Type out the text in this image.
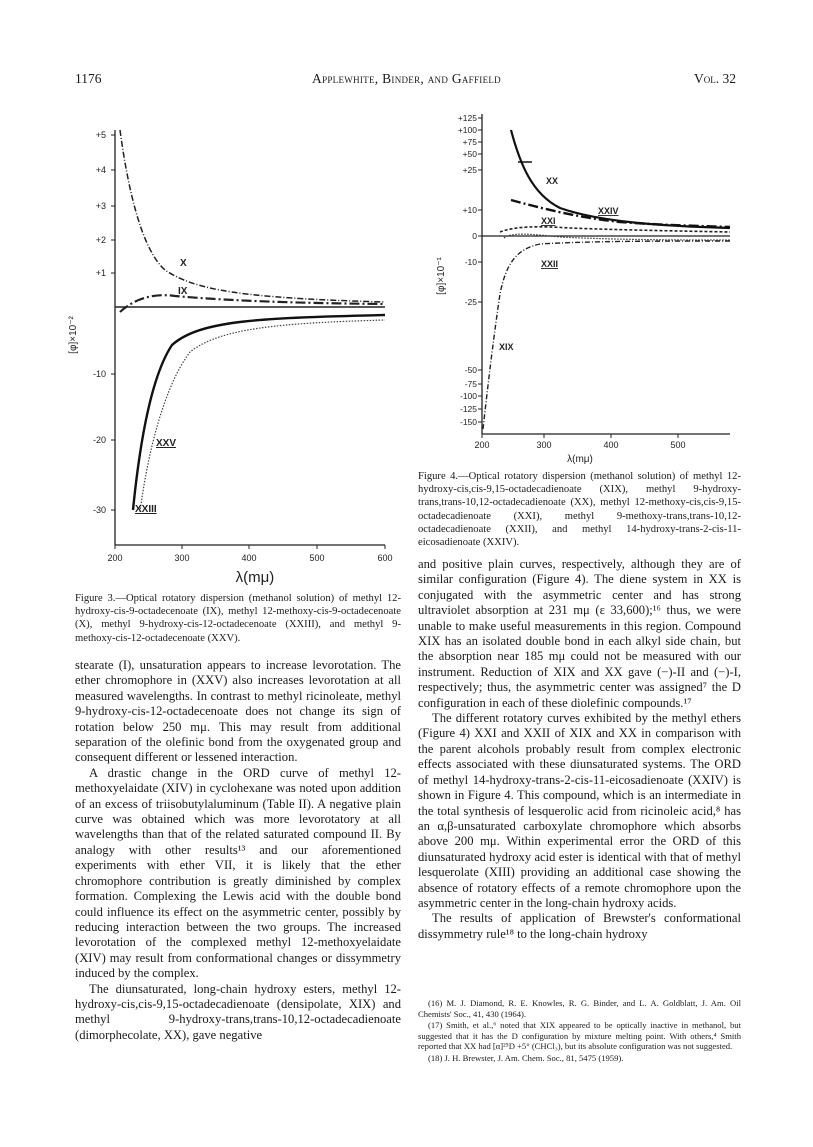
1176	Applewhite, Binder, and Gaffield	Vol. 32
+5
+4
+3
+2
+1
-10
-20
-30
200	300	400	500	600
[φ]×10⁻²
λ(mμ)
X
IX
XXV
XXIII
Figure 3.—Optical rotatory dispersion (methanol solution) of methyl 12-hydroxy-cis-9-octadecenoate (IX), methyl 12-methoxy-cis-9-octadecenoate (X), methyl 9-hydroxy-cis-12-octadecenoate (XXIII), and methyl 9-methoxy-cis-12-octadecenoate (XXV).
+125
+100
+75
+50
+25
+10
0
-10
-25
-50
-75
-100
-125
-150
200	300	400	500
[φ]×10⁻¹
λ(mμ)
XX
XXIV
XXI
XXII
XIX
Figure 4.—Optical rotatory dispersion (methanol solution) of methyl 12-hydroxy-cis,cis-9,15-octadecadienoate (XIX), methyl 9-hydroxy-trans,trans-10,12-octadecadienoate (XX), methyl 12-methoxy-cis,cis-9,15-octadecadienoate (XXI), methyl 9-methoxy-trans,trans-10,12-octadecadienoate (XXII), and methyl 14-hydroxy-trans-2-cis-11-eicosadienoate (XXIV).

stearate (I), unsaturation appears to increase levorotation. The ether chromophore in (XXV) also increases levorotation at all measured wavelengths. In contrast to methyl ricinoleate, methyl 9-hydroxy-cis-12-octadecenoate does not change its sign of rotation below 250 mμ. This may result from additional separation of the olefinic bond from the oxygenated group and consequent different or lessened interaction.

A drastic change in the ORD curve of methyl 12-methoxyelaidate (XIV) in cyclohexane was noted upon addition of an excess of triisobutylaluminum (Table II). A negative plain curve was obtained which was more levorotatory at all wavelengths than that of the related saturated compound II. By analogy with other results¹³ and our aforementioned experiments with ether VII, it is likely that the ether chromophore contribution is greatly diminished by complex formation. Complexing the Lewis acid with the double bond could influence its effect on the asymmetric center, possibly by reducing interaction between the two groups. The increased levorotation of the complexed methyl 12-methoxyelaidate (XIV) may result from conformational changes or dissymmetry induced by the complex.

The diunsaturated, long-chain hydroxy esters, methyl 12-hydroxy-cis,cis-9,15-octadecadienoate (densipolate, XIX) and methyl 9-hydroxy-trans,trans-10,12-octadecadienoate (dimorphecolate, XX), gave negative

and positive plain curves, respectively, although they are of similar configuration (Figure 4). The diene system in XX is conjugated with the asymmetric center and has strong ultraviolet absorption at 231 mμ (ε 33,600);¹⁶ thus, we were unable to make useful measurements in this region. Compound XIX has an isolated double bond in each alkyl side chain, but the absorption near 185 mμ could not be measured with our instrument. Reduction of XIX and XX gave (−)-II and (−)-I, respectively; thus, the asymmetric center was assigned⁷ the D configuration in each of these diolefinic compounds.¹⁷

The different rotatory curves exhibited by the methyl ethers (Figure 4) XXI and XXII of XIX and XX in comparison with the parent alcohols probably result from complex electronic effects associated with these diunsaturated systems. The ORD of methyl 14-hydroxy-trans-2-cis-11-eicosadienoate (XXIV) is shown in Figure 4. This compound, which is an intermediate in the total synthesis of lesquerolic acid from ricinoleic acid,⁸ has an α,β-unsaturated carboxylate chromophore which absorbs above 200 mμ. Within experimental error the ORD of this diunsaturated hydroxy acid ester is identical with that of methyl lesquerolate (XIII) providing an additional case showing the absence of rotatory effects of a remote chromophore upon the asymmetric center in the long-chain hydroxy acids.

The results of application of Brewster's conformational dissymmetry rule¹⁸ to the long-chain hydroxy

(16) M. J. Diamond, R. E. Knowles, R. G. Binder, and L. A. Goldblatt, J. Am. Oil Chemists' Soc., 41, 430 (1964).

(17) Smith, et al.,⁶ noted that XIX appeared to be optically inactive in methanol, but suggested that it has the D configuration by mixture melting point. With others,⁴ Smith reported that XX had [α]²⁵D +5° (CHCl₃), but its absolute configuration was not suggested.

(18) J. H. Brewster, J. Am. Chem. Soc., 81, 5475 (1959).
